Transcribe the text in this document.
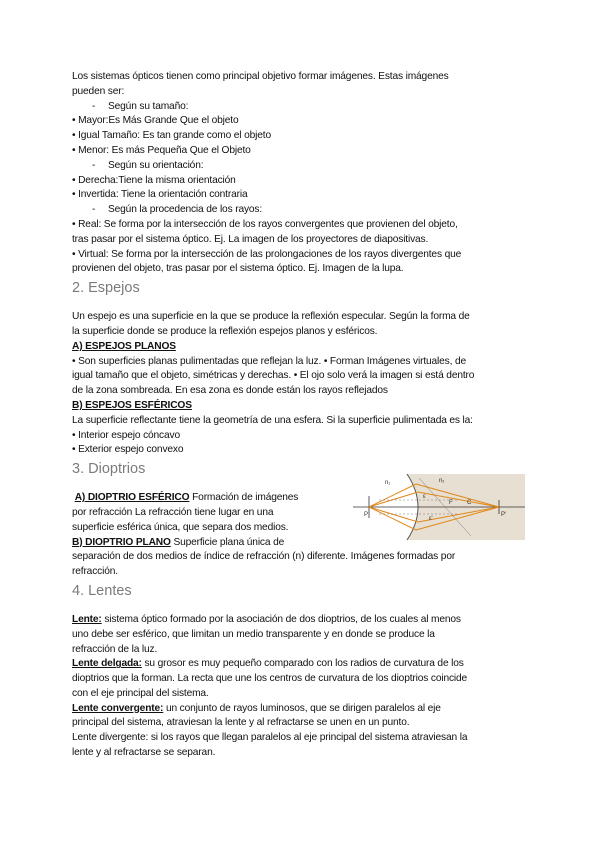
Los sistemas ópticos tienen como principal objetivo formar imágenes. Estas imágenes

pueden ser:

- Según su tamaño:

• Mayor:Es Más Grande Que el objeto

• Igual Tamaño: Es tan grande como el objeto

• Menor: Es más Pequeña Que el Objeto

- Según su orientación:

• Derecha:Tiene la misma orientación

• Invertida: Tiene la orientación contraria

- Según la procedencia de los rayos:

• Real: Se forma por la intersección de los rayos convergentes que provienen del objeto,

tras pasar por el sistema óptico. Ej. La imagen de los proyectores de diapositivas.

• Virtual: Se forma por la intersección de las prolongaciones de los rayos divergentes que

provienen del objeto, tras pasar por el sistema óptico. Ej. Imagen de la lupa.

2. Espejos

Un espejo es una superficie en la que se produce la reflexión especular. Según la forma de

la superficie donde se produce la reflexión espejos planos y esféricos.

A) ESPEJOS PLANOS

• Son superficies planas pulimentadas que reflejan la luz. • Forman Imágenes virtuales, de

igual tamaño que el objeto, simétricas y derechas. • El ojo solo verá la imagen si está dentro

de la zona sombreada. En esa zona es donde están los rayos reflejados

B) ESPEJOS ESFÉRICOS

La superficie reflectante tiene la geometría de una esfera. Si la superficie pulimentada es la:

• Interior espejo cóncavo

• Exterior espejo convexo

3. Dioptrios

A) DIOPTRIO ESFÉRICO Formación de imágenes

por refracción La refracción tiene lugar en una

superficie esférica única, que separa dos medios.

B) DIOPTRIO PLANO Superficie plana única de

separación de dos medios de índice de refracción (n) diferente. Imágenes formadas por

refracción.

n₁	n₂
C
F
P	P'
ε
ε'

4. Lentes

Lente: sistema óptico formado por la asociación de dos dioptrios, de los cuales al menos

uno debe ser esférico, que limitan un medio transparente y en donde se produce la

refracción de la luz.

Lente delgada: su grosor es muy pequeño comparado con los radios de curvatura de los

dioptrios que la forman. La recta que une los centros de curvatura de los dioptrios coincide

con el eje principal del sistema.

Lente convergente: un conjunto de rayos luminosos, que se dirigen paralelos al eje

principal del sistema, atraviesan la lente y al refractarse se unen en un punto.

Lente divergente: si los rayos que llegan paralelos al eje principal del sistema atraviesan la

lente y al refractarse se separan.
